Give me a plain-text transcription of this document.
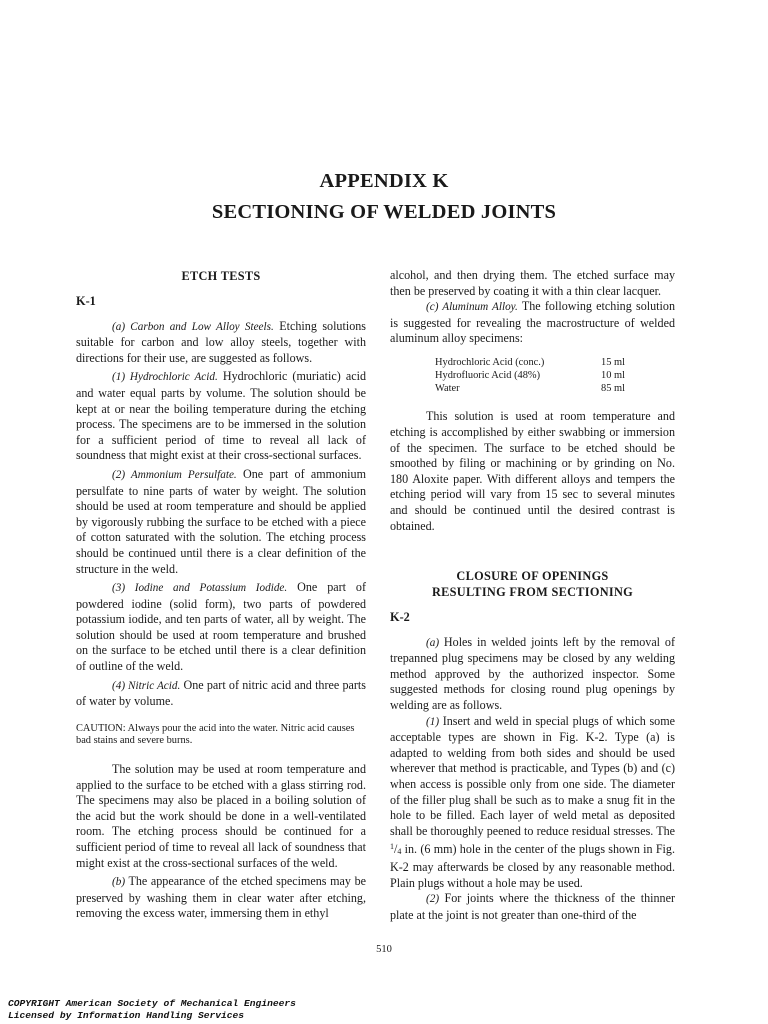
APPENDIX K
SECTIONING OF WELDED JOINTS
ETCH TESTS
K-1

(a) Carbon and Low Alloy Steels. Etching solutions suitable for carbon and low alloy steels, together with directions for their use, are suggested as follows.

(1) Hydrochloric Acid. Hydrochloric (muriatic) acid and water equal parts by volume. The solution should be kept at or near the boiling temperature during the etching process. The specimens are to be immersed in the solution for a sufficient period of time to reveal all lack of soundness that might exist at their cross-sectional surfaces.

(2) Ammonium Persulfate. One part of ammonium persulfate to nine parts of water by weight. The solution should be used at room temperature and should be applied by vigorously rubbing the surface to be etched with a piece of cotton saturated with the solution. The etching process should be continued until there is a clear definition of the structure in the weld.

(3) Iodine and Potassium Iodide. One part of powdered iodine (solid form), two parts of powdered potassium iodide, and ten parts of water, all by weight. The solution should be used at room temperature and brushed on the surface to be etched until there is a clear definition of outline of the weld.

(4) Nitric Acid. One part of nitric acid and three parts of water by volume.

CAUTION: Always pour the acid into the water. Nitric acid causes bad stains and severe burns.

The solution may be used at room temperature and applied to the surface to be etched with a glass stirring rod. The specimens may also be placed in a boiling solution of the acid but the work should be done in a well-ventilated room. The etching process should be continued for a sufficient period of time to reveal all lack of soundness that might exist at the cross-sectional surfaces of the weld.

(b) The appearance of the etched specimens may be preserved by washing them in clear water after etching, removing the excess water, immersing them in ethyl

alcohol, and then drying them. The etched surface may then be preserved by coating it with a thin clear lacquer.

(c) Aluminum Alloy. The following etching solution is suggested for revealing the macrostructure of welded aluminum alloy specimens:

Hydrochloric Acid (conc.)	15 ml
Hydrofluoric Acid (48%)	10 ml
Water	85 ml

This solution is used at room temperature and etching is accomplished by either swabbing or immersion of the specimen. The surface to be etched should be smoothed by filing or machining or by grinding on No. 180 Aloxite paper. With different alloys and tempers the etching period will vary from 15 sec to several minutes and should be continued until the desired contrast is obtained.

CLOSURE OF OPENINGS
RESULTING FROM SECTIONING
K-2

(a) Holes in welded joints left by the removal of trepanned plug specimens may be closed by any welding method approved by the authorized inspector. Some suggested methods for closing round plug openings by welding are as follows.

(1) Insert and weld in special plugs of which some acceptable types are shown in Fig. K-2. Type (a) is adapted to welding from both sides and should be used wherever that method is practicable, and Types (b) and (c) when access is possible only from one side. The diameter of the filler plug shall be such as to make a snug fit in the hole to be filled. Each layer of weld metal as deposited shall be thoroughly peened to reduce residual stresses. The $^1/_4$ in. (6 mm) hole in the center of the plugs shown in Fig. K-2 may afterwards be closed by any reasonable method. Plain plugs without a hole may be used.

(2) For joints where the thickness of the thinner plate at the joint is not greater than one-third of the

510
COPYRIGHT American Society of Mechanical Engineers
Licensed by Information Handling Services
